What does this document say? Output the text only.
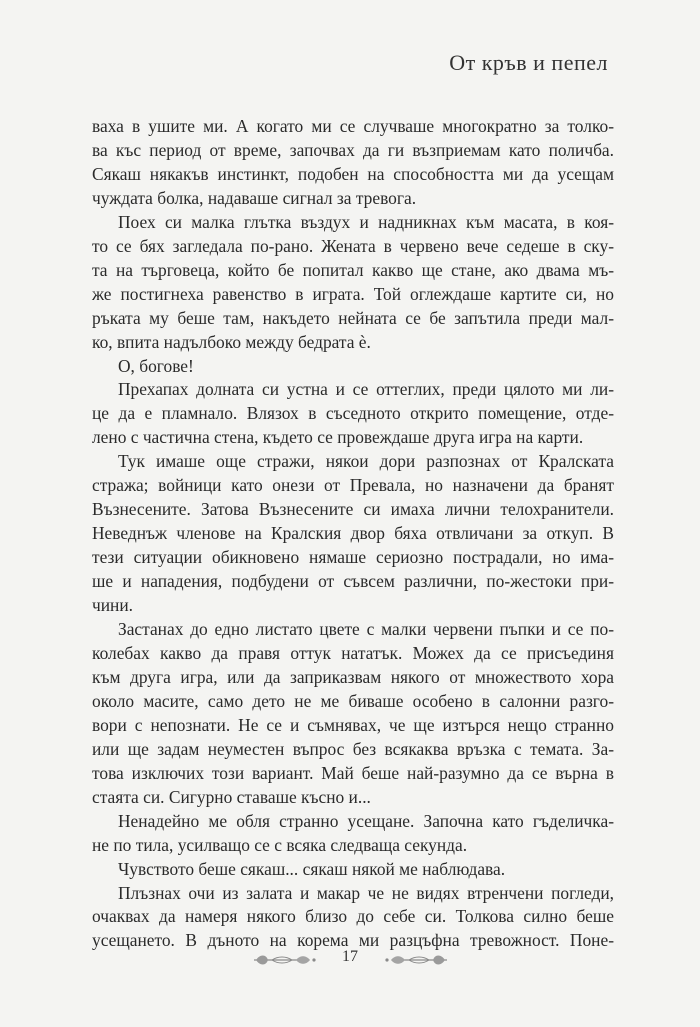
От кръв и пепел
ваха в ушите ми. А когато ми се случваше многократно за толко-
ва къс период от време, започвах да ги възприемам като поличба.
Сякаш някакъв инстинкт, подобен на способността ми да усещам
чуждата болка, надаваше сигнал за тревога.
Поех си малка глътка въздух и надникнах към масата, в коя-
то се бях загледала по-рано. Жената в червено вече седеше в ску-
та на търговеца, който бе попитал какво ще стане, ако двама мъ-
же постигнеха равенство в играта. Той оглеждаше картите си, но
ръката му беше там, накъдето нейната се бе запътила преди мал-
ко, впита надълбоко между бедрата ѐ.
О, богове!
Прехапах долната си устна и се оттеглих, преди цялото ми ли-
це да е пламнало. Влязох в съседното открито помещение, отде-
лено с частична стена, където се провеждаше друга игра на карти.
Тук имаше още стражи, някои дори разпознах от Кралската
стража; войници като онези от Превала, но назначени да бранят
Възнесените. Затова Възнесените си имаха лични телохранители.
Неведнъж членове на Кралския двор бяха отвличани за откуп. В
тези ситуации обикновено нямаше сериозно пострадали, но има-
ше и нападения, подбудени от съвсем различни, по-жестоки при-
чини.
Застанах до едно листато цвете с малки червени пъпки и се по-
колебах какво да правя оттук нататък. Можех да се присъединя
към друга игра, или да заприказвам някого от множеството хора
около масите, само дето не ме биваше особено в салонни разго-
вори с непознати. Не се и съмнявах, че ще изтърся нещо странно
или ще задам неуместен въпрос без всякаква връзка с темата. За-
това изключих този вариант. Май беше най-разумно да се върна в
стаята си. Сигурно ставаше късно и...
Ненадейно ме обля странно усещане. Започна като гъделичка-
не по тила, усилващо се с всяка следваща секунда.
Чувството беше сякаш... сякаш някой ме наблюдава.
Плъзнах очи из залата и макар че не видях втренчени погледи,
очаквах да намеря някого близо до себе си. Толкова силно беше
усещането. В дъното на корема ми разцъфна тревожност. Поне-
17
